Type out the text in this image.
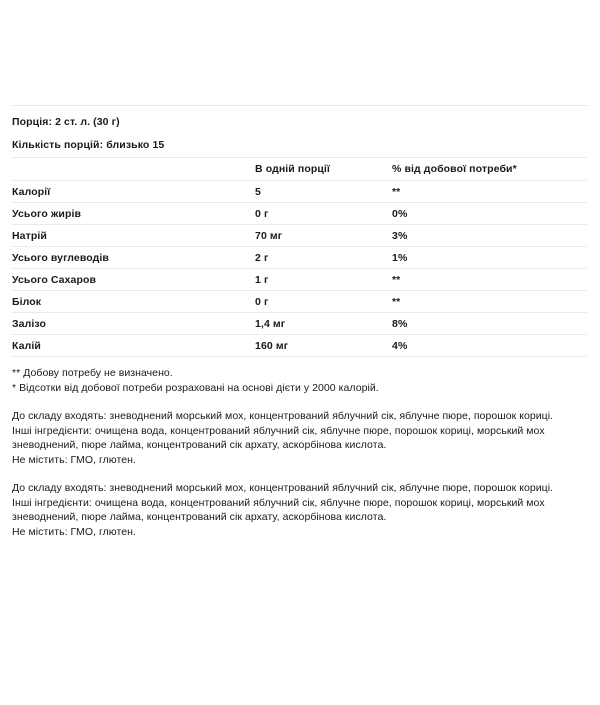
Порція: 2 ст. л. (30 г)
Кількість порцій: близько 15
	В одній порції	% від добової потреби*
Калорії	5	**
Усього жирів	0 г	0%
Натрій	70 мг	3%
Усього вуглеводів	2 г	1%
Усього Сахаров	1 г	**
Білок	0 г	**
Залізо	1,4 мг	8%
Калій	160 мг	4%
** Добову потребу не визначено.
* Відсотки від добової потреби розраховані на основі дієти у 2000 калорій.

До складу входять: зневоднений морський мох, концентрований яблучний сік, яблучне пюре, порошок кориці.

Інші інгредієнти: очищена вода, концентрований яблучний сік, яблучне пюре, порошок кориці, морський мох зневоднений, пюре лайма, концентрований сік архату, аскорбінова кислота.

Не містить: ГМО, глютен.

До складу входять: зневоднений морський мох, концентрований яблучний сік, яблучне пюре, порошок кориці.

Інші інгредієнти: очищена вода, концентрований яблучний сік, яблучне пюре, порошок кориці, морський мох зневоднений, пюре лайма, концентрований сік архату, аскорбінова кислота.

Не містить: ГМО, глютен.
